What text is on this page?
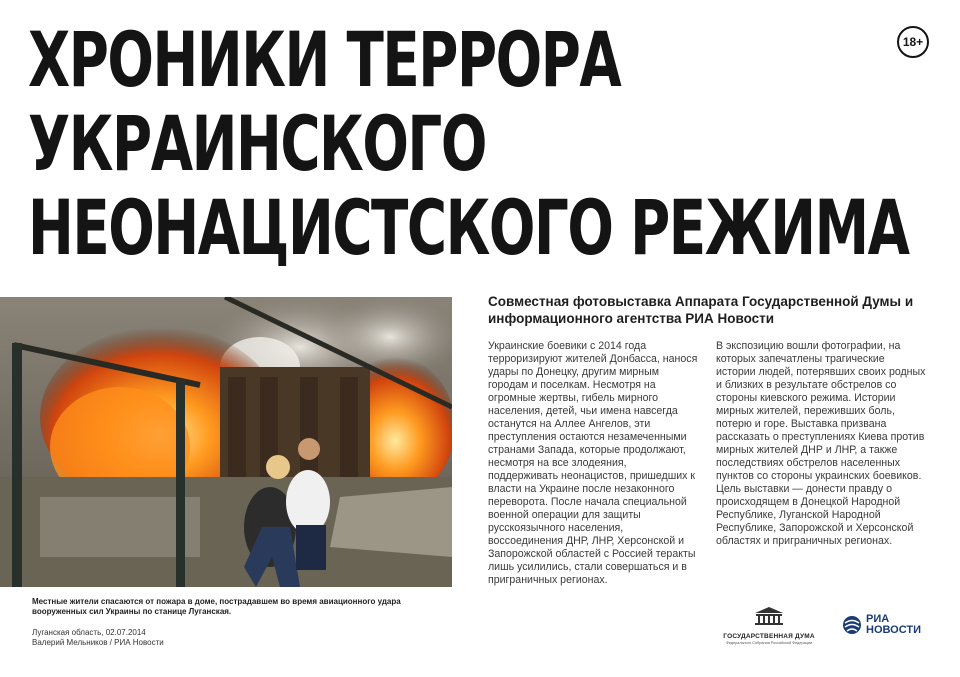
ХРОНИКИ ТЕРРОРА
УКРАИНСКОГО
НЕОНАЦИСТСКОГО РЕЖИМА
18+
Местные жители спасаются от пожара в доме, пострадавшем во время авиационного удара вооруженных сил Украины по станице Луганская.
Луганская область, 02.07.2014
Валерий Мельников / РИА Новости
Совместная фотовыставка Аппарата Государственной Думы и информационного агентства РИА Новости
Украинские боевики с 2014 года терроризируют жителей Донбасса, нанося удары по Донецку, другим мирным городам и поселкам. Несмотря на огромные жертвы, гибель мирного населения, детей, чьи имена навсегда останутся на Аллее Ангелов, эти преступления остаются незамеченными странами Запада, которые продолжают, несмотря на все злодеяния, поддерживать неонацистов, пришедших к власти на Украине после незаконного переворота. После начала специальной военной операции для защиты русскоязычного населения, воссоединения ДНР, ЛНР, Херсонской и Запорожской областей с Россией теракты лишь усилились, стали совершаться и в приграничных регионах.
В экспозицию вошли фотографии, на которых запечатлены трагические истории людей, потерявших своих родных и близких в результате обстрелов со стороны киевского режима. Истории мирных жителей, переживших боль, потерю и горе. Выставка призвана рассказать о преступлениях Киева против мирных жителей ДНР и ЛНР, а также последствиях обстрелов населенных пунктов со стороны украинских боевиков. Цель выставки — донести правду о происходящем в Донецкой Народной Республике, Луганской Народной Республике, Запорожской и Херсонской областях и приграничных регионах.
ГОСУДАРСТВЕННАЯ ДУМА
Федерального Собрания Российской Федерации
РИА
НОВОСТИ
